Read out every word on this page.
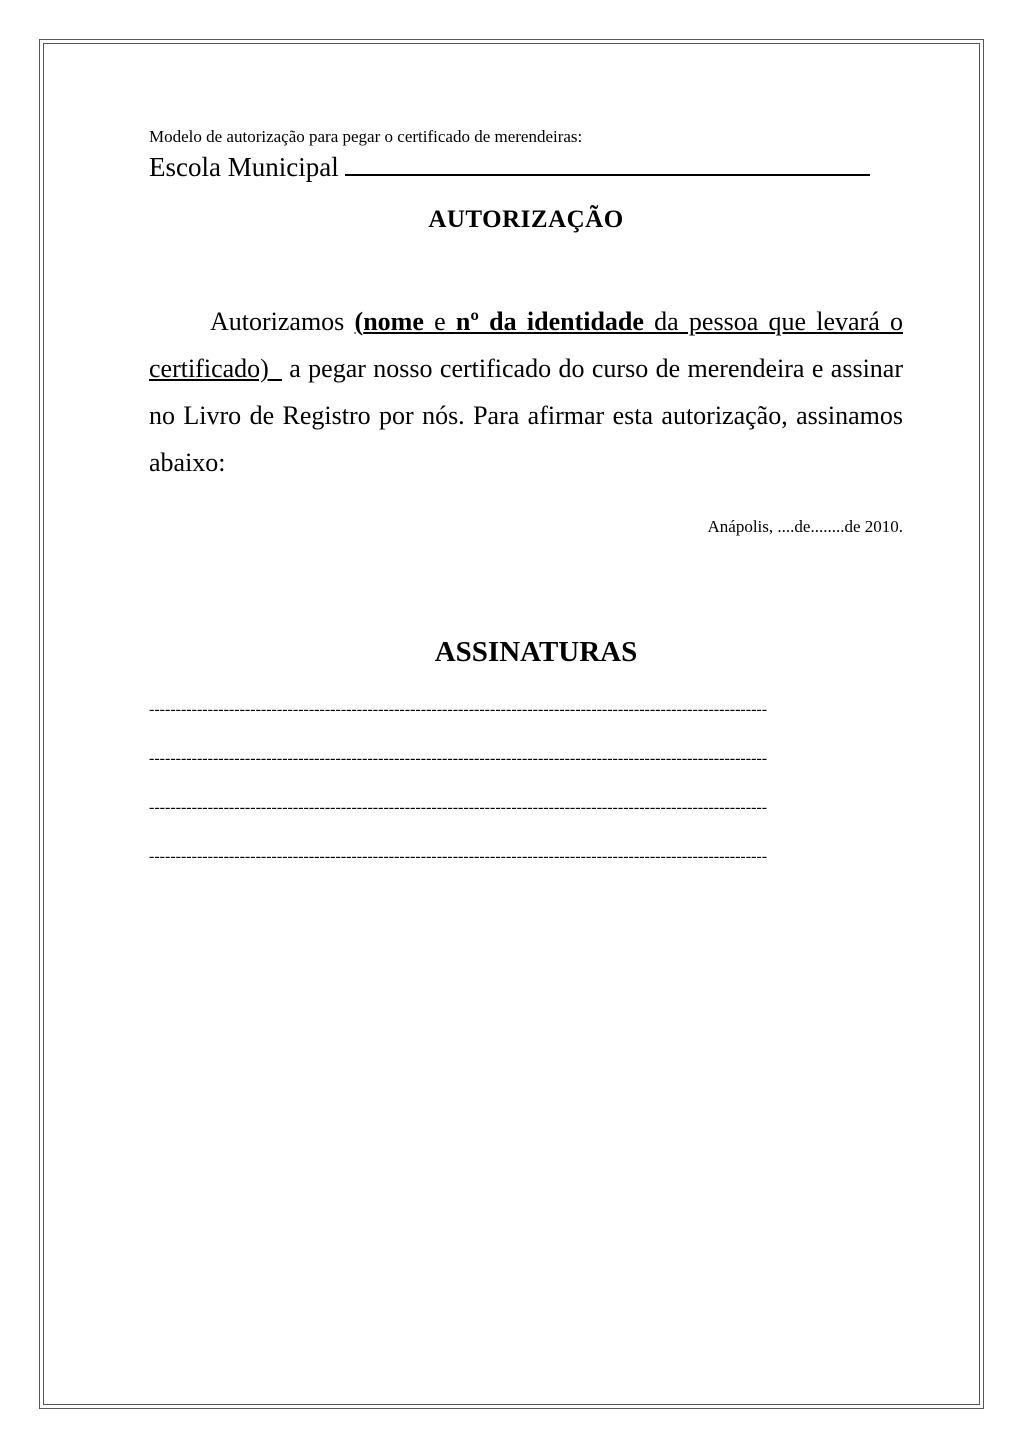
Modelo de autorização para pegar o certificado de merendeiras:

Escola Municipal

AUTORIZAÇÃO

Autorizamos (nome e nº da identidade da pessoa que levará o certificado)_ a pegar nosso certificado do curso de merendeira e assinar no Livro de Registro por nós. Para afirmar esta autorização, assinamos abaixo:

Anápolis, ....de........de 2010.

ASSINATURAS

--------------------------------------------------------------------------------------------------------------------

--------------------------------------------------------------------------------------------------------------------

--------------------------------------------------------------------------------------------------------------------

--------------------------------------------------------------------------------------------------------------------
